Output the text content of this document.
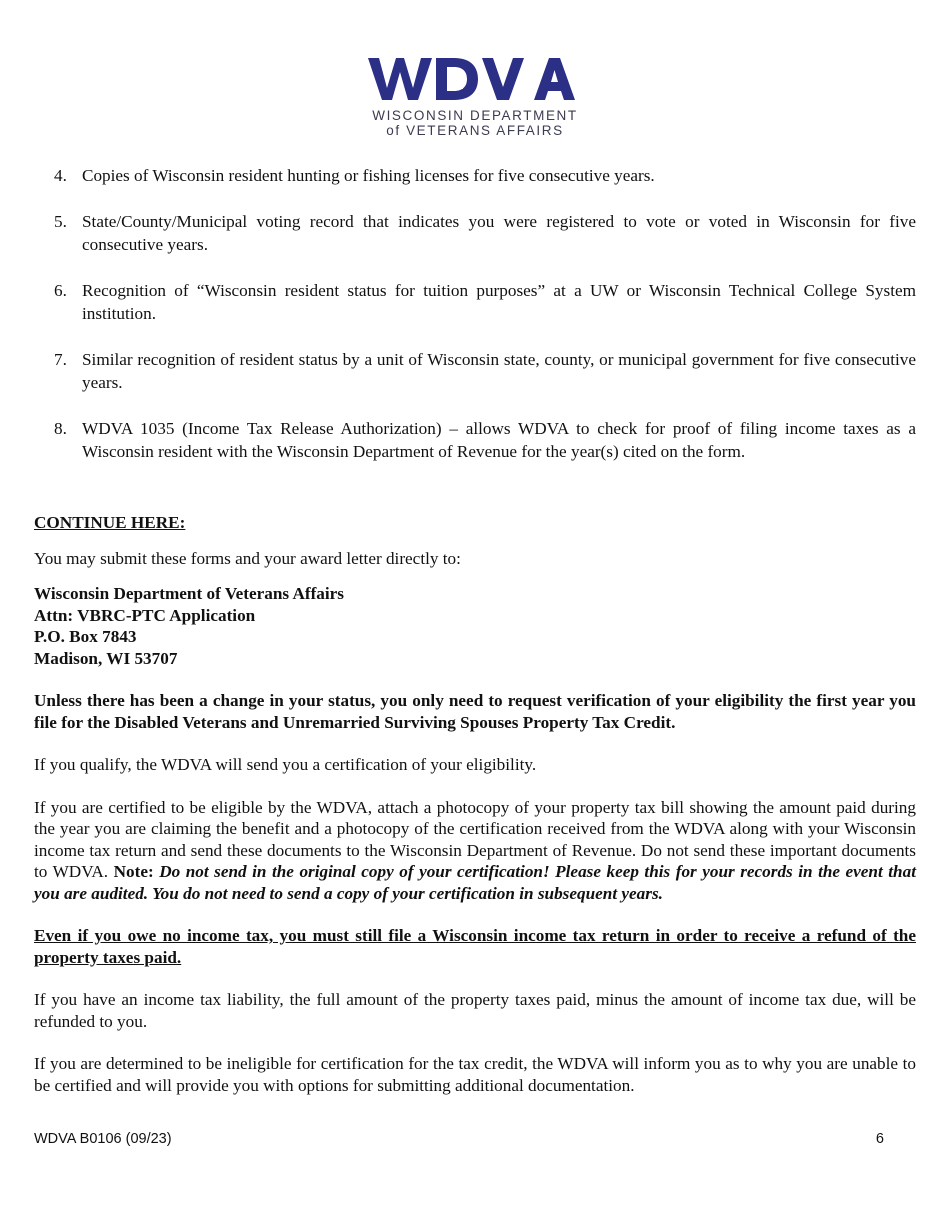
WISCONSIN DEPARTMENT
of VETERANS AFFAIRS
4. Copies of Wisconsin resident hunting or fishing licenses for five consecutive years.
5. State/County/Municipal voting record that indicates you were registered to vote or voted in Wisconsin for five consecutive years.
6. Recognition of “Wisconsin resident status for tuition purposes” at a UW or Wisconsin Technical College System institution.
7. Similar recognition of resident status by a unit of Wisconsin state, county, or municipal government for five consecutive years.
8. WDVA 1035 (Income Tax Release Authorization) – allows WDVA to check for proof of filing income taxes as a Wisconsin resident with the Wisconsin Department of Revenue for the year(s) cited on the form.

CONTINUE HERE:

You may submit these forms and your award letter directly to:

Wisconsin Department of Veterans Affairs

Attn: VBRC-PTC Application

P.O. Box 7843

Madison, WI 53707

Unless there has been a change in your status, you only need to request verification of your eligibility the first year you file for the Disabled Veterans and Unremarried Surviving Spouses Property Tax Credit.

If you qualify, the WDVA will send you a certification of your eligibility.

If you are certified to be eligible by the WDVA, attach a photocopy of your property tax bill showing the amount paid during the year you are claiming the benefit and a photocopy of the certification received from the WDVA along with your Wisconsin income tax return and send these documents to the Wisconsin Department of Revenue. Do not send these important documents to WDVA. Note: Do not send in the original copy of your certification! Please keep this for your records in the event that you are audited. You do not need to send a copy of your certification in subsequent years.

Even if you owe no income tax, you must still file a Wisconsin income tax return in order to receive a refund of the property taxes paid.

If you have an income tax liability, the full amount of the property taxes paid, minus the amount of income tax due, will be refunded to you.

If you are determined to be ineligible for certification for the tax credit, the WDVA will inform you as to why you are unable to be certified and will provide you with options for submitting additional documentation.

WDVA B0106 (09/23)	6
